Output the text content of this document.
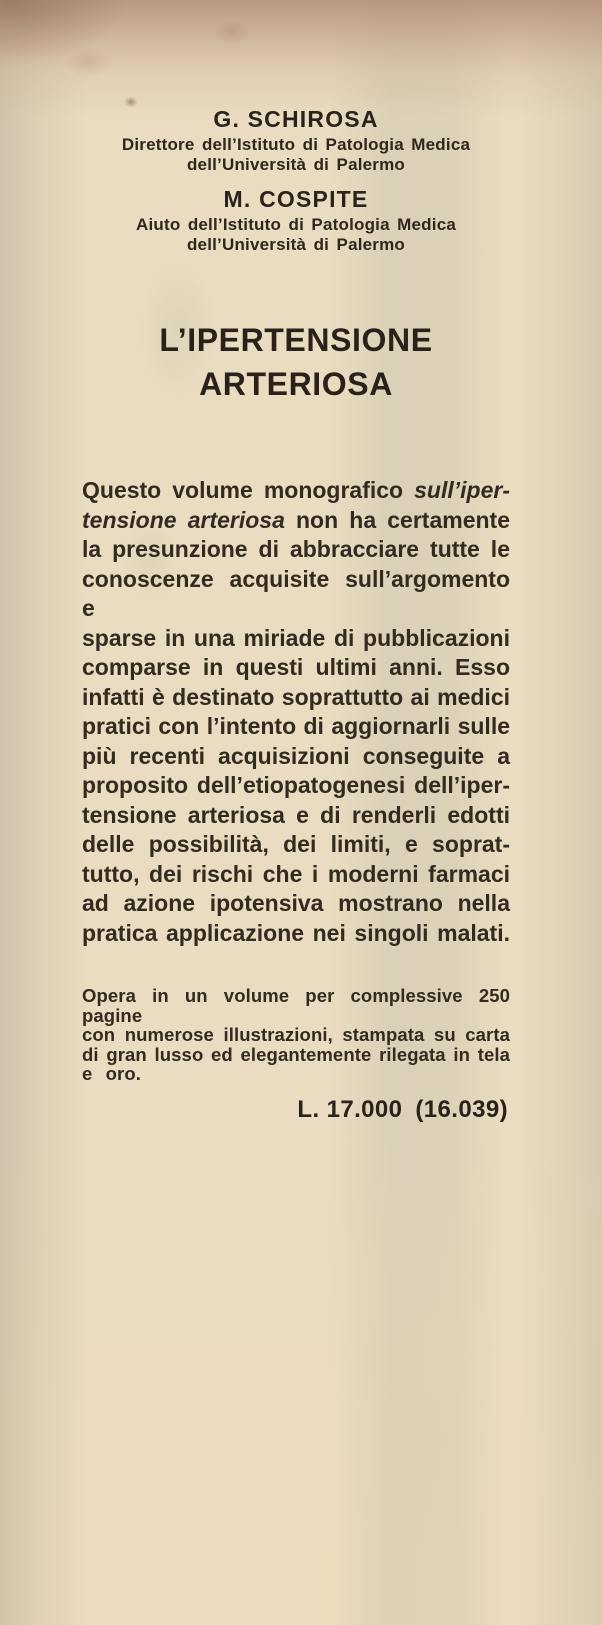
G. SCHIROSA
Direttore dell’Istituto di Patologia Medica
dell’Università di Palermo
M. COSPITE
Aiuto dell’Istituto di Patologia Medica
dell’Università di Palermo
L’IPERTENSIONE
ARTERIOSA
Questo volume monografico sull’iper-
tensione arteriosa non ha certamente
la presunzione di abbracciare tutte le
conoscenze acquisite sull’argomento e
sparse in una miriade di pubblicazioni
comparse in questi ultimi anni. Esso
infatti è destinato soprattutto ai medici
pratici con l’intento di aggiornarli sulle
più recenti acquisizioni conseguite a
proposito dell’etiopatogenesi dell’iper-
tensione arteriosa e di renderli edotti
delle possibilità, dei limiti, e soprat-
tutto, dei rischi che i moderni farmaci
ad azione ipotensiva mostrano nella
pratica applicazione nei singoli malati.
Opera in un volume per complessive 250 pagine
con numerose illustrazioni, stampata su carta
di gran lusso ed elegantemente rilegata in tela
e oro.
L. 17.000 (16.039)
